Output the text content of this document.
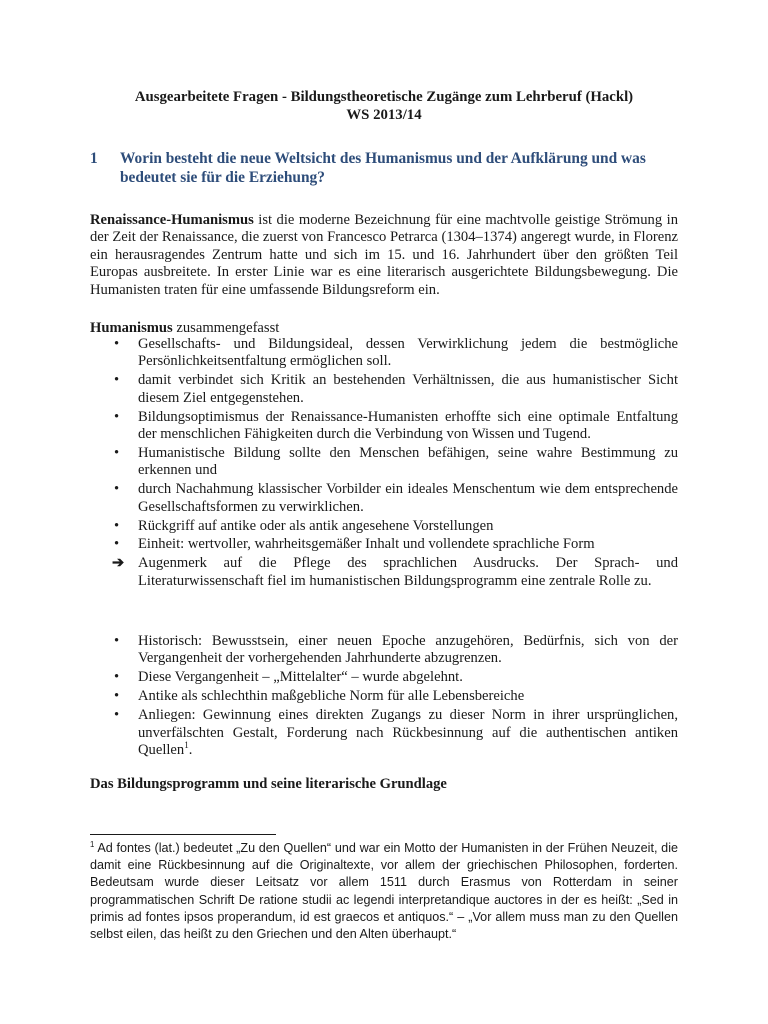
Ausgearbeitete Fragen - Bildungstheoretische Zugänge zum Lehrberuf (Hackl)
WS 2013/14
1	Worin besteht die neue Weltsicht des Humanismus und der Aufklärung und was bedeutet sie für die Erziehung?

Renaissance-Humanismus ist die moderne Bezeichnung für eine machtvolle geistige Strömung in der Zeit der Renaissance, die zuerst von Francesco Petrarca (1304–1374) angeregt wurde, in Florenz ein herausragendes Zentrum hatte und sich im 15. und 16. Jahrhundert über den größten Teil Europas ausbreitete. In erster Linie war es eine literarisch ausgerichtete Bildungsbewegung. Die Humanisten traten für eine umfassende Bildungsreform ein.

Humanismus zusammengefasst
• Gesellschafts- und Bildungsideal, dessen Verwirklichung jedem die bestmögliche Persönlichkeitsentfaltung ermöglichen soll.
• damit verbindet sich Kritik an bestehenden Verhältnissen, die aus humanistischer Sicht diesem Ziel entgegenstehen.
• Bildungsoptimismus der Renaissance-Humanisten erhoffte sich eine optimale Entfaltung der menschlichen Fähigkeiten durch die Verbindung von Wissen und Tugend.
• Humanistische Bildung sollte den Menschen befähigen, seine wahre Bestimmung zu erkennen und
• durch Nachahmung klassischer Vorbilder ein ideales Menschentum wie dem entsprechende Gesellschaftsformen zu verwirklichen.
• Rückgriff auf antike oder als antik angesehene Vorstellungen
• Einheit: wertvoller, wahrheitsgemäßer Inhalt und vollendete sprachliche Form
➔ Augenmerk auf die Pflege des sprachlichen Ausdrucks. Der Sprach- und Literaturwissenschaft fiel im humanistischen Bildungsprogramm eine zentrale Rolle zu.
• Historisch: Bewusstsein, einer neuen Epoche anzugehören, Bedürfnis, sich von der Vergangenheit der vorhergehenden Jahrhunderte abzugrenzen.
• Diese Vergangenheit – „Mittelalter“ – wurde abgelehnt.
• Antike als schlechthin maßgebliche Norm für alle Lebensbereiche
• Anliegen: Gewinnung eines direkten Zugangs zu dieser Norm in ihrer ursprünglichen, unverfälschten Gestalt, Forderung nach Rückbesinnung auf die authentischen antiken Quellen$^1$.
Das Bildungsprogramm und seine literarische Grundlage
$^1$ Ad fontes (lat.) bedeutet „Zu den Quellen“ und war ein Motto der Humanisten in der Frühen Neuzeit, die damit eine Rückbesinnung auf die Originaltexte, vor allem der griechischen Philosophen, forderten. Bedeutsam wurde dieser Leitsatz vor allem 1511 durch Erasmus von Rotterdam in seiner programmatischen Schrift De ratione studii ac legendi interpretandique auctores in der es heißt: „Sed in primis ad fontes ipsos properandum, id est graecos et antiquos.“ – „Vor allem muss man zu den Quellen selbst eilen, das heißt zu den Griechen und den Alten überhaupt.“
